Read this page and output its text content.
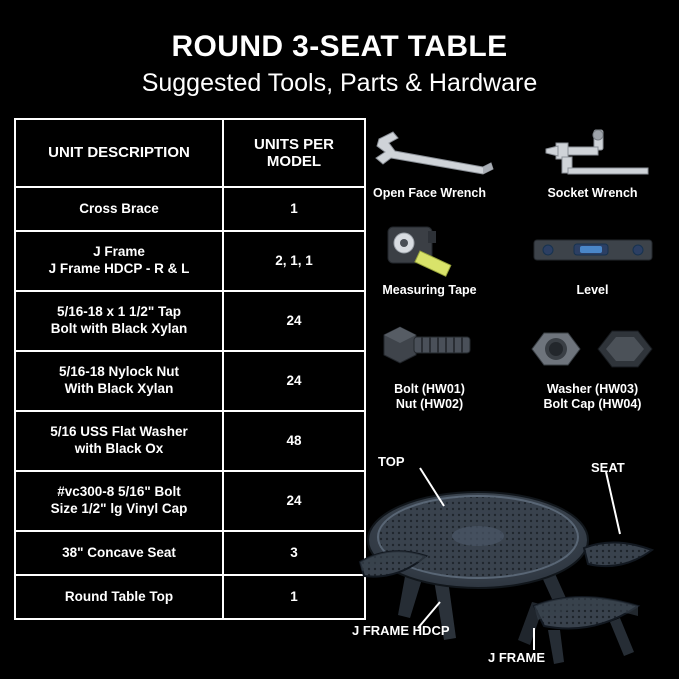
ROUND 3-SEAT TABLE
Suggested Tools, Parts & Hardware
UNIT DESCRIPTION	UNITS PER
MODEL
Cross Brace	1
J Frame
J Frame HDCP - R & L	2, 1, 1
5/16-18 x 1 1/2" Tap
Bolt with Black Xylan	24
5/16-18 Nylock Nut
With Black Xylan	24
5/16 USS Flat Washer
with Black Ox	48
#vc300-8 5/16" Bolt
Size 1/2" lg Vinyl Cap	24
38" Concave Seat	3
Round Table Top	1
Open Face Wrench	Socket Wrench
Measuring Tape	Level
Bolt (HW01)
Nut (HW02)
Washer (HW03)
Bolt Cap (HW04)
TOP	SEAT
J FRAME HDCP
J FRAME
